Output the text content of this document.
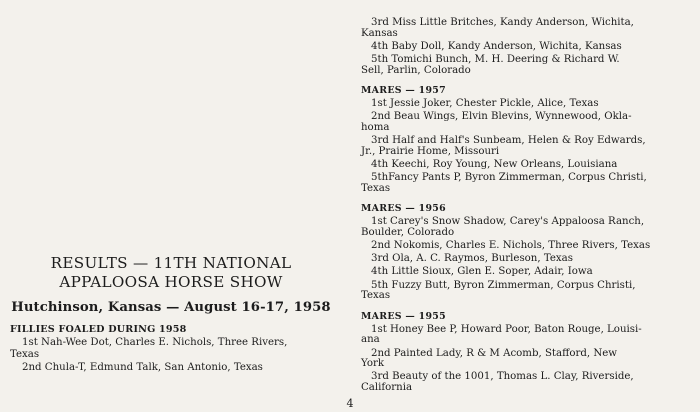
RESULTS — 11TH NATIONAL
APPALOOSA HORSE SHOW
Hutchinson, Kansas — August 16-17, 1958
FILLIES FOALED DURING 1958
1st Nah-Wee Dot, Charles E. Nichols, Three Rivers,
Texas
2nd Chula-T, Edmund Talk, San Antonio, Texas
3rd Miss Little Britches, Kandy Anderson, Wichita,
Kansas
4th Baby Doll, Kandy Anderson, Wichita, Kansas
5th Tomichi Bunch, M. H. Deering & Richard W.
Sell, Parlin, Colorado
MARES — 1957
1st Jessie Joker, Chester Pickle, Alice, Texas
2nd Beau Wings, Elvin Blevins, Wynnewood, Okla-
homa
3rd Half and Half's Sunbeam, Helen & Roy Edwards,
Jr., Prairie Home, Missouri
4th Keechi, Roy Young, New Orleans, Louisiana
5thFancy Pants P, Byron Zimmerman, Corpus Christi,
Texas
MARES — 1956
1st Carey's Snow Shadow, Carey's Appaloosa Ranch,
Boulder, Colorado
2nd Nokomis, Charles E. Nichols, Three Rivers, Texas
3rd Ola, A. C. Raymos, Burleson, Texas
4th Little Sioux, Glen E. Soper, Adair, Iowa
5th Fuzzy Butt, Byron Zimmerman, Corpus Christi,
Texas
MARES — 1955
1st Honey Bee P, Howard Poor, Baton Rouge, Louisi-
ana
2nd Painted Lady, R & M Acomb, Stafford, New
York
3rd Beauty of the 1001, Thomas L. Clay, Riverside,
California
4
